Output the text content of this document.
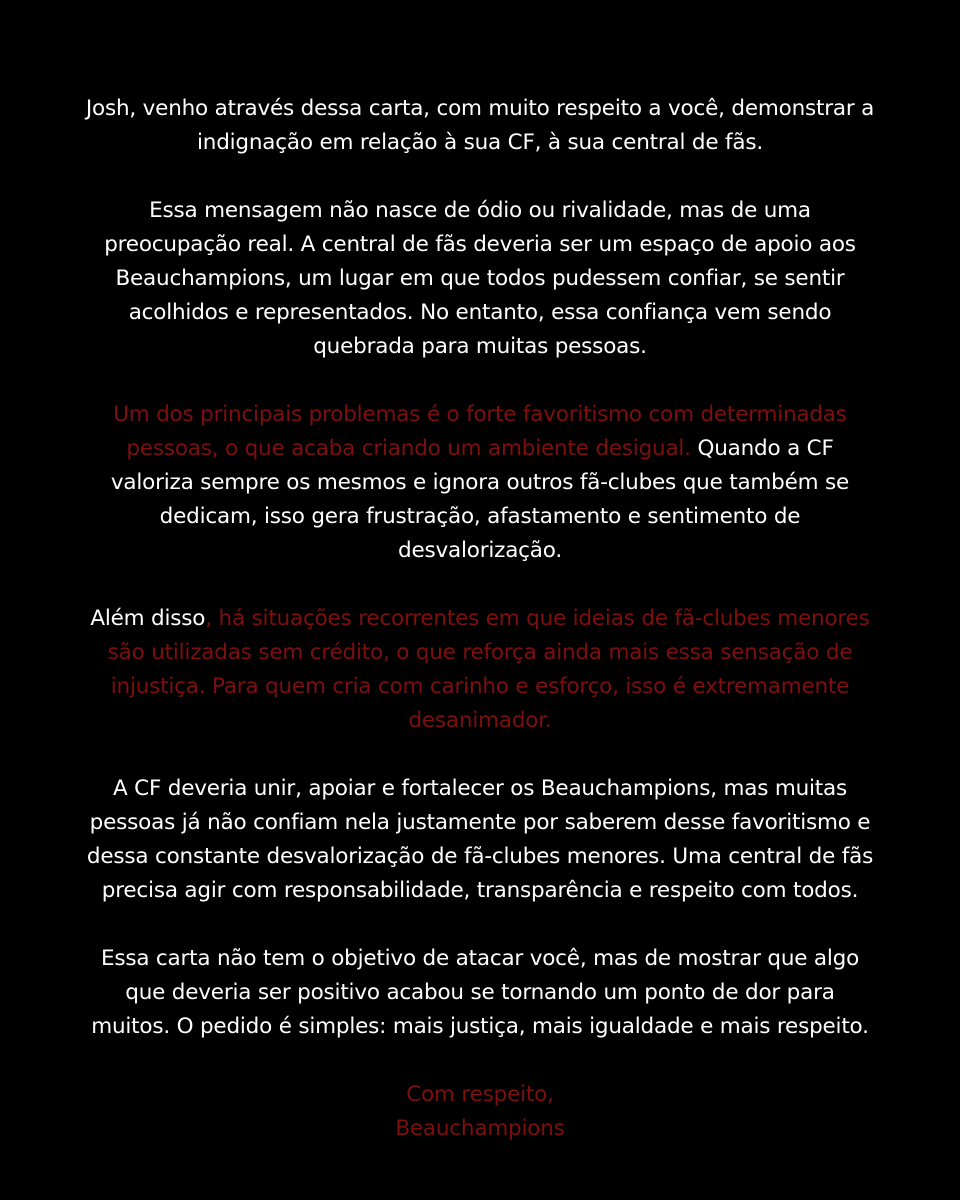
Josh, venho através dessa carta, com muito respeito a você, demonstrar a
indignação em relação à sua CF, à sua central de fãs.

Essa mensagem não nasce de ódio ou rivalidade, mas de uma
preocupação real. A central de fãs deveria ser um espaço de apoio aos
Beauchampions, um lugar em que todos pudessem confiar, se sentir
acolhidos e representados. No entanto, essa confiança vem sendo
quebrada para muitas pessoas.

Um dos principais problemas é o forte favoritismo com determinadas
pessoas, o que acaba criando um ambiente desigual. Quando a CF
valoriza sempre os mesmos e ignora outros fã-clubes que também se
dedicam, isso gera frustração, afastamento e sentimento de
desvalorização.

Além disso, há situações recorrentes em que ideias de fã-clubes menores
são utilizadas sem crédito, o que reforça ainda mais essa sensação de
injustiça. Para quem cria com carinho e esforço, isso é extremamente
desanimador.

A CF deveria unir, apoiar e fortalecer os Beauchampions, mas muitas
pessoas já não confiam nela justamente por saberem desse favoritismo e
dessa constante desvalorização de fã-clubes menores. Uma central de fãs
precisa agir com responsabilidade, transparência e respeito com todos.

Essa carta não tem o objetivo de atacar você, mas de mostrar que algo
que deveria ser positivo acabou se tornando um ponto de dor para
muitos. O pedido é simples: mais justiça, mais igualdade e mais respeito.

Com respeito,
Beauchampions
